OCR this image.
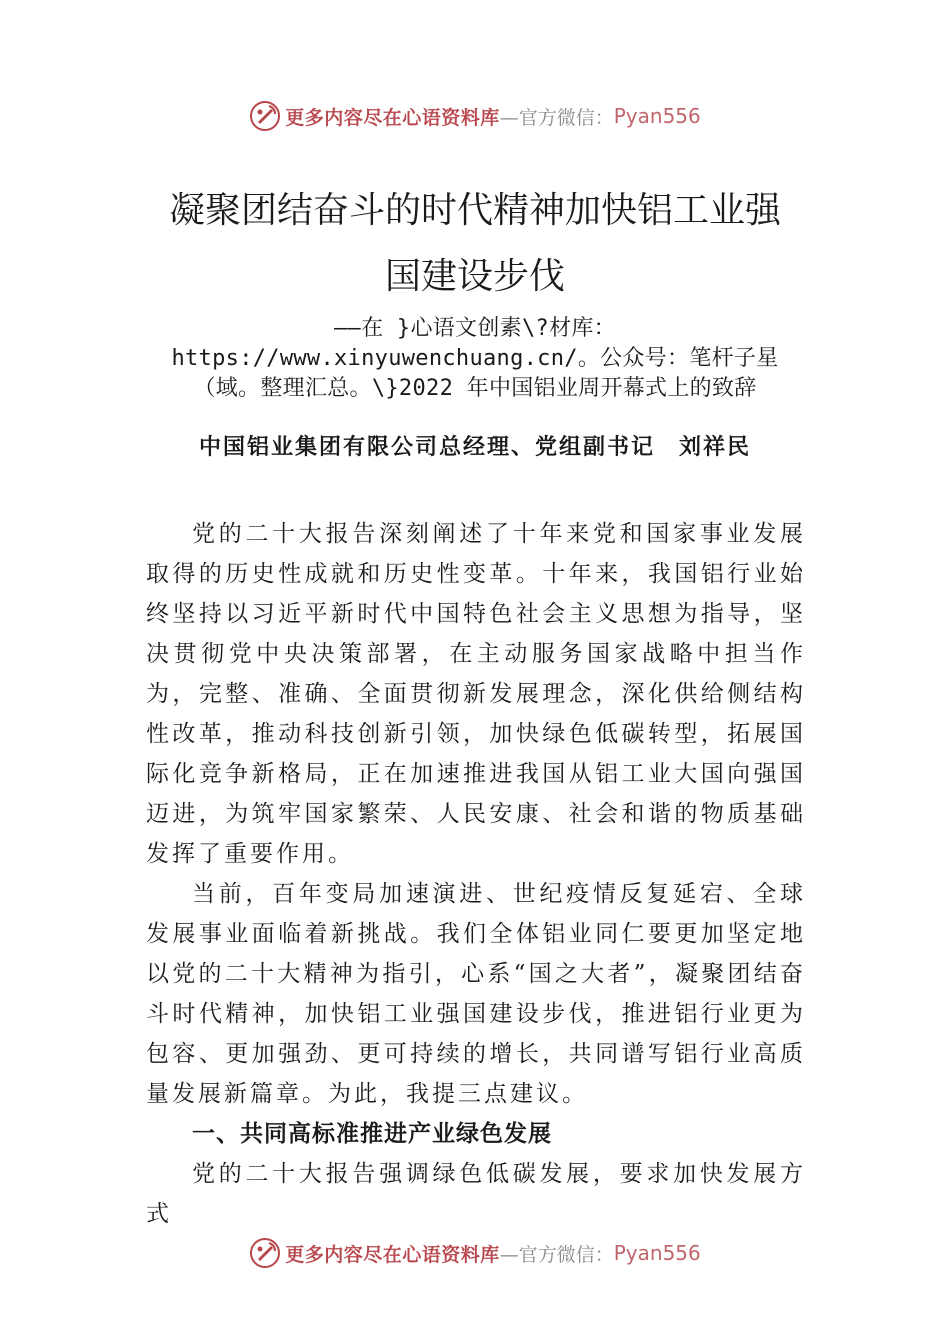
更多内容尽在心语资料库 —官方微信： Pyan556
凝聚团结奋斗的时代精神加快铝工业强
国建设步伐
——在 }心语文创素\?材库：
https://www.xinyuwenchuang.cn/。公众号：笔杆子星
（域。整理汇总。\}2022 年中国铝业周开幕式上的致辞
中国铝业集团有限公司总经理、党组副书记　刘祥民

党的二十大报告深刻阐述了十年来党和国家事业发展取得的历史性成就和历史性变革。十年来，我国铝行业始终坚持以习近平新时代中国特色社会主义思想为指导，坚决贯彻党中央决策部署，在主动服务国家战略中担当作为，完整、准确、全面贯彻新发展理念，深化供给侧结构性改革，推动科技创新引领，加快绿色低碳转型，拓展国际化竞争新格局，正在加速推进我国从铝工业大国向强国迈进，为筑牢国家繁荣、人民安康、社会和谐的物质基础发挥了重要作用。

当前，百年变局加速演进、世纪疫情反复延宕、全球发展事业面临着新挑战。我们全体铝业同仁要更加坚定地以党的二十大精神为指引，心系“国之大者”，凝聚团结奋斗时代精神，加快铝工业强国建设步伐，推进铝行业更为包容、更加强劲、更可持续的增长，共同谱写铝行业高质量发展新篇章。为此，我提三点建议。

一、共同高标准推进产业绿色发展

党的二十大报告强调绿色低碳发展，要求加快发展方式

更多内容尽在心语资料库 —官方微信： Pyan556
